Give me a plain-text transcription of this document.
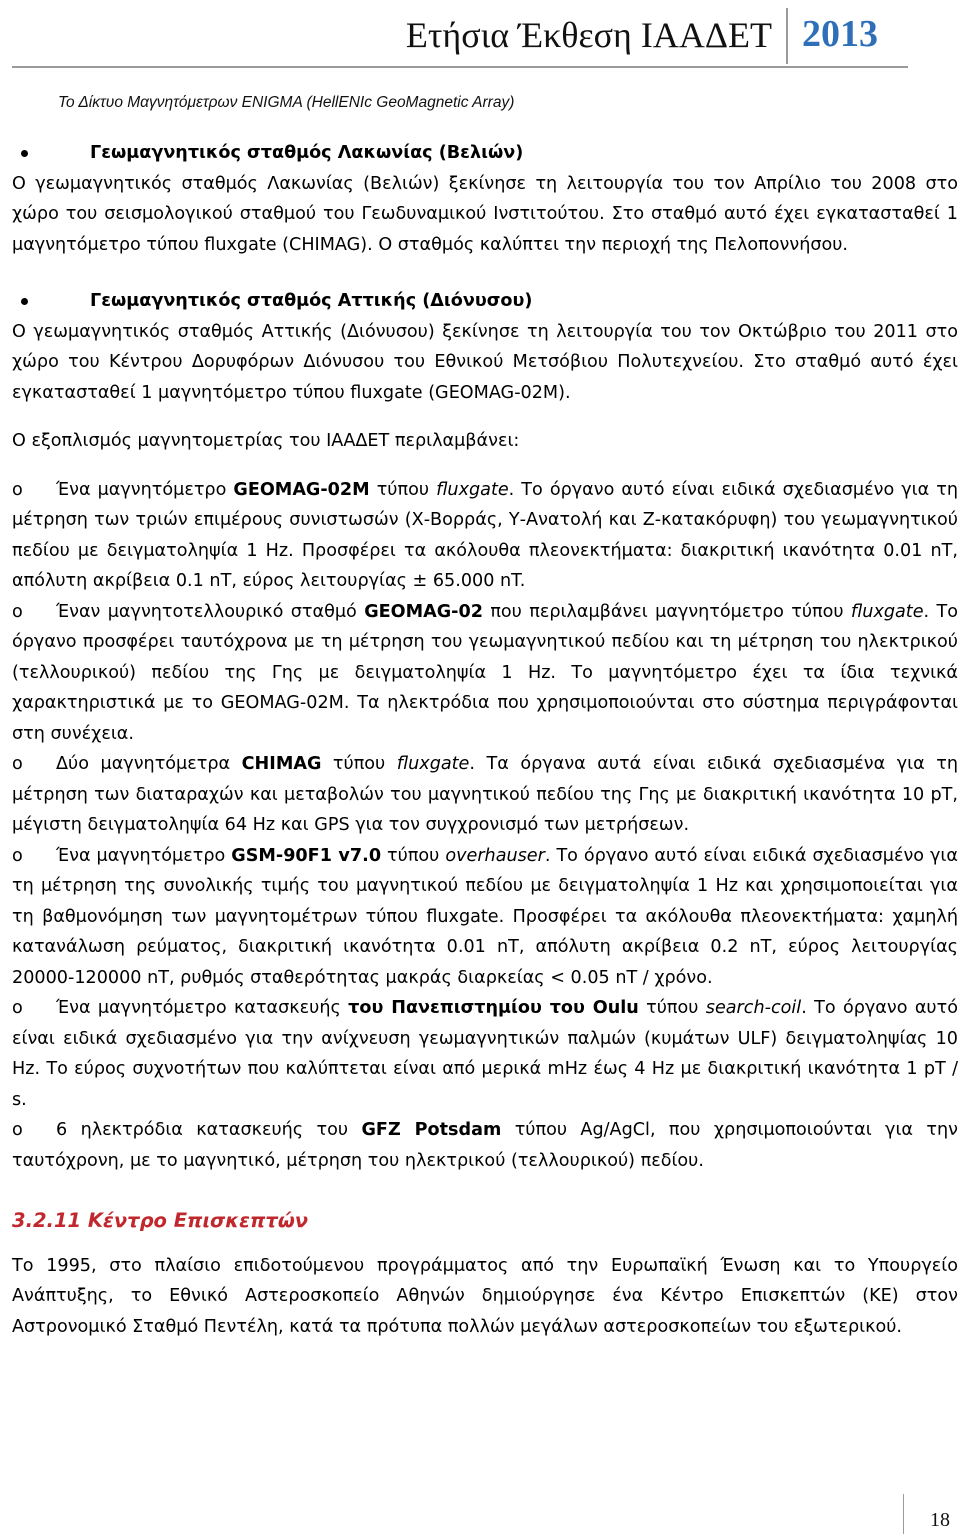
Ετήσια Έκθεση ΙΑΑΔΕΤ 2013
Το Δίκτυο Μαγνητόμετρων ENIGMA (HellENIc GeoMagnetic Array)

Γεωμαγνητικός σταθμός Λακωνίας (Βελιών)

Ο γεωμαγνητικός σταθμός Λακωνίας (Βελιών) ξεκίνησε τη λειτουργία του τον Απρίλιο του 2008 στο χώρο του σεισμολογικού σταθμού του Γεωδυναμικού Ινστιτούτου. Στο σταθμό αυτό έχει εγκατασταθεί 1 μαγνητόμετρο τύπου fluxgate (CHIMAG). Ο σταθμός καλύπτει την περιοχή της Πελοποννήσου.

Γεωμαγνητικός σταθμός Αττικής (Διόνυσου)

Ο γεωμαγνητικός σταθμός Αττικής (Διόνυσου) ξεκίνησε τη λειτουργία του τον Οκτώβριο του 2011 στο χώρο του Κέντρου Δορυφόρων Διόνυσου του Εθνικού Μετσόβιου Πολυτεχνείου. Στο σταθμό αυτό έχει εγκατασταθεί 1 μαγνητόμετρο τύπου fluxgate (GEOMAG-02M).

Ο εξοπλισμός μαγνητομετρίας του ΙΑΑΔΕΤ περιλαμβάνει:

o Ένα μαγνητόμετρο GEOMAG-02M τύπου fluxgate. Το όργανο αυτό είναι ειδικά σχεδιασμένο για τη μέτρηση των τριών επιμέρους συνιστωσών (Χ-Βορράς, Υ-Ανατολή και Ζ-κατακόρυφη) του γεωμαγνητικού πεδίου με δειγματοληψία 1 Hz. Προσφέρει τα ακόλουθα πλεονεκτήματα: διακριτική ικανότητα 0.01 nT, απόλυτη ακρίβεια 0.1 nT, εύρος λειτουργίας ± 65.000 nT.

o Έναν μαγνητοτελλουρικό σταθμό GEOMAG-02 που περιλαμβάνει μαγνητόμετρο τύπου fluxgate. Το όργανο προσφέρει ταυτόχρονα με τη μέτρηση του γεωμαγνητικού πεδίου και τη μέτρηση του ηλεκτρικού (τελλουρικού) πεδίου της Γης με δειγματοληψία 1 Hz. Το μαγνητόμετρο έχει τα ίδια τεχνικά χαρακτηριστικά με το GEOMAG-02M. Τα ηλεκτρόδια που χρησιμοποιούνται στο σύστημα περιγράφονται στη συνέχεια.

o Δύο μαγνητόμετρα CHIMAG τύπου fluxgate. Τα όργανα αυτά είναι ειδικά σχεδιασμένα για τη μέτρηση των διαταραχών και μεταβολών του μαγνητικού πεδίου της Γης με διακριτική ικανότητα 10 pT, μέγιστη δειγματοληψία 64 Hz και GPS για τον συγχρονισμό των μετρήσεων.

o Ένα μαγνητόμετρο GSM-90F1 v7.0 τύπου overhauser. Το όργανο αυτό είναι ειδικά σχεδιασμένο για τη μέτρηση της συνολικής τιμής του μαγνητικού πεδίου με δειγματοληψία 1 Hz και χρησιμοποιείται για τη βαθμονόμηση των μαγνητομέτρων τύπου fluxgate. Προσφέρει τα ακόλουθα πλεονεκτήματα: χαμηλή κατανάλωση ρεύματος, διακριτική ικανότητα 0.01 nT, απόλυτη ακρίβεια 0.2 nT, εύρος λειτουργίας 20000-120000 nT, ρυθμός σταθερότητας μακράς διαρκείας < 0.05 nT / χρόνο.

o Ένα μαγνητόμετρο κατασκευής του Πανεπιστημίου του Oulu τύπου search-coil. Το όργανο αυτό είναι ειδικά σχεδιασμένο για την ανίχνευση γεωμαγνητικών παλμών (κυμάτων ULF) δειγματοληψίας 10 Hz. Το εύρος συχνοτήτων που καλύπτεται είναι από μερικά mHz έως 4 Hz με διακριτική ικανότητα 1 pT / s.

o 6 ηλεκτρόδια κατασκευής του GFZ Potsdam τύπου Ag/AgCl, που χρησιμοποιούνται για την ταυτόχρονη, με το μαγνητικό, μέτρηση του ηλεκτρικού (τελλουρικού) πεδίου.

3.2.11 Κέντρο Επισκεπτών

Το 1995, στο πλαίσιο επιδοτούμενου προγράμματος από την Ευρωπαϊκή Ένωση και το Υπουργείο Ανάπτυξης, το Εθνικό Αστεροσκοπείο Αθηνών δημιούργησε ένα Κέντρο Επισκεπτών (ΚΕ) στον Αστρονομικό Σταθμό Πεντέλη, κατά τα πρότυπα πολλών μεγάλων αστεροσκοπείων του εξωτερικού.

18
